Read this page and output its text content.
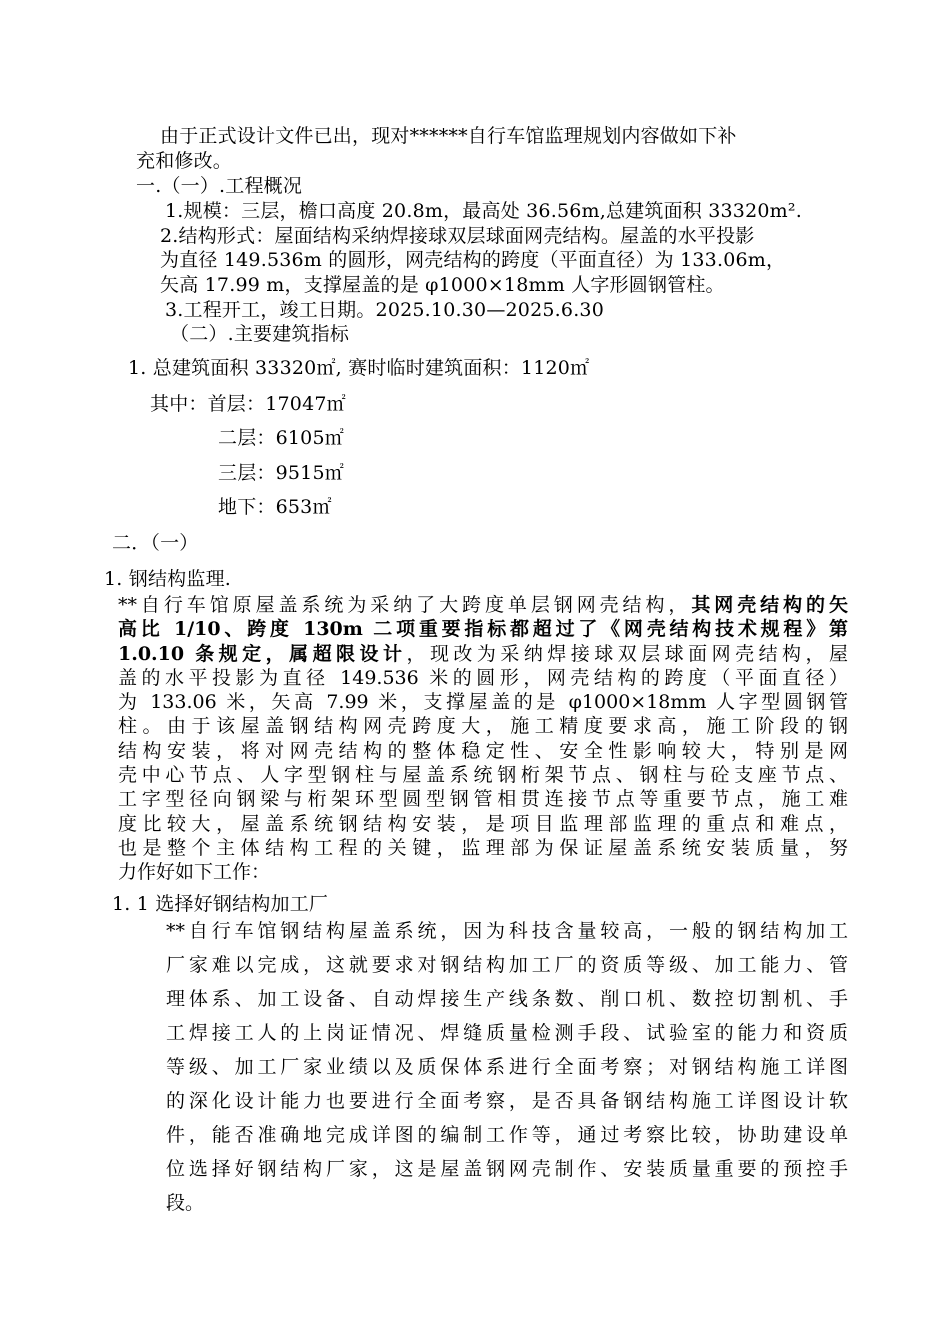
由于正式设计文件已出，现对******自行车馆监理规划内容做如下补
充和修改。
一.（一）.工程概况
1.规模：三层，檐口高度 20.8m，最高处 36.56m,总建筑面积 33320m².
2.结构形式：屋面结构采纳焊接球双层球面网壳结构。屋盖的水平投影
为直径 149.536m 的圆形，网壳结构的跨度（平面直径）为 133.06m，
矢高 17.99 m，支撑屋盖的是 φ1000×18mm 人字形圆钢管柱。
3.工程开工，竣工日期。2025.10.30—2025.6.30
（二）.主要建筑指标
1. 总建筑面积 33320㎡, 赛时临时建筑面积：1120㎡
其中：首层：17047㎡
二层：6105㎡
三层：9515㎡
地下：653㎡
二．（一）
1. 钢结构监理.
**自行车馆原屋盖系统为采纳了大跨度单层钢网壳结构，其网壳结构的矢
高比 1/10、跨度 130m 二项重要指标都超过了《网壳结构技术规程》第
1.0.10 条规定，属超限设计，现改为采纳焊接球双层球面网壳结构，屋
盖的水平投影为直径 149.536 米的圆形，网壳结构的跨度（平面直径）
为 133.06 米，矢高 7.99 米，支撑屋盖的是 φ1000×18mm 人字型圆钢管
柱。由于该屋盖钢结构网壳跨度大，施工精度要求高，施工阶段的钢
结构安装，将对网壳结构的整体稳定性、安全性影响较大，特别是网
壳中心节点、人字型钢柱与屋盖系统钢桁架节点、钢柱与砼支座节点、
工字型径向钢梁与桁架环型圆型钢管相贯连接节点等重要节点，施工难
度比较大，屋盖系统钢结构安装，是项目监理部监理的重点和难点，
也是整个主体结构工程的关键，监理部为保证屋盖系统安装质量，努
力作好如下工作：
1. 1 选择好钢结构加工厂
**自行车馆钢结构屋盖系统，因为科技含量较高，一般的钢结构加工
厂家难以完成，这就要求对钢结构加工厂的资质等级、加工能力、管
理体系、加工设备、自动焊接生产线条数、削口机、数控切割机、手
工焊接工人的上岗证情况、焊缝质量检测手段、试验室的能力和资质
等级、加工厂家业绩以及质保体系进行全面考察；对钢结构施工详图
的深化设计能力也要进行全面考察，是否具备钢结构施工详图设计软
件，能否准确地完成详图的编制工作等，通过考察比较，协助建设单
位选择好钢结构厂家，这是屋盖钢网壳制作、安装质量重要的预控手
段。
